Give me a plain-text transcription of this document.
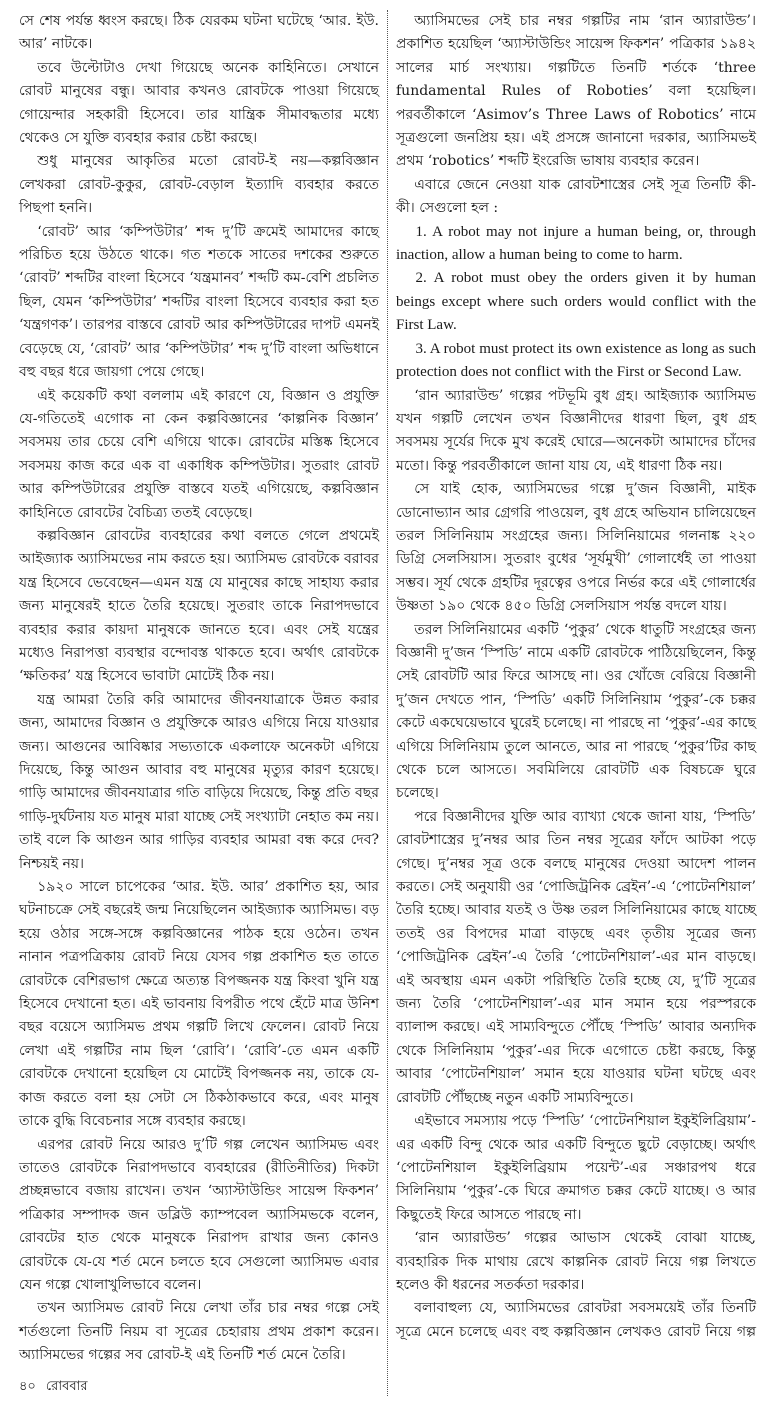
সে শেষ পর্যন্ত ধ্বংস করছে। ঠিক যেরকম ঘটনা ঘটেছে ‘আর. ইউ. আর’ নাটকে।

তবে উল্টোটাও দেখা গিয়েছে অনেক কাহিনিতে। সেখানে রোবট মানুষের বন্ধু। আবার কখনও রোবটকে পাওয়া গিয়েছে গোয়েন্দার সহকারী হিসেবে। তার যান্ত্রিক সীমাবদ্ধতার মধ্যে থেকেও সে যুক্তি ব্যবহার করার চেষ্টা করছে।

শুধু মানুষের আকৃতির মতো রোবট-ই নয়—কল্পবিজ্ঞান লেখকরা রোবট-কুকুর, রোবট-বেড়াল ইত্যাদি ব্যবহার করতে পিছপা হননি।

‘রোবট’ আর ‘কম্পিউটার’ শব্দ দু’টি ক্রমেই আমাদের কাছে পরিচিত হয়ে উঠতে থাকে। গত শতকে সাতের দশকের শুরুতে ‘রোবট’ শব্দটির বাংলা হিসেবে ‘যন্ত্রমানব’ শব্দটি কম-বেশি প্রচলিত ছিল, যেমন ‘কম্পিউটার’ শব্দটির বাংলা হিসেবে ব্যবহার করা হত ‘যন্ত্রগণক’। তারপর বাস্তবে রোবট আর কম্পিউটারের দাপট এমনই বেড়েছে যে, ‘রোবট’ আর ‘কম্পিউটার’ শব্দ দু’টি বাংলা অভিধানে বহু বছর ধরে জায়গা পেয়ে গেছে।

এই কয়েকটি কথা বললাম এই কারণে যে, বিজ্ঞান ও প্রযুক্তি যে-গতিতেই এগোক না কেন কল্পবিজ্ঞানের ‘কাল্পনিক বিজ্ঞান’ সবসময় তার চেয়ে বেশি এগিয়ে থাকে। রোবটের মস্তিষ্ক হিসেবে সবসময় কাজ করে এক বা একাধিক কম্পিউটার। সুতরাং রোবট আর কম্পিউটারের প্রযুক্তি বাস্তবে যতই এগিয়েছে, কল্পবিজ্ঞান কাহিনিতে রোবটের বৈচিত্র্য ততই বেড়েছে।

কল্পবিজ্ঞান রোবটের ব্যবহারের কথা বলতে গেলে প্রথমেই আইজ্যাক অ্যাসিমভের নাম করতে হয়। অ্যাসিমভ রোবটকে বরাবর যন্ত্র হিসেবে ভেবেছেন—এমন যন্ত্র যে মানুষের কাছে সাহায্য করার জন্য মানুষেরই হাতে তৈরি হয়েছে। সুতরাং তাকে নিরাপদভাবে ব্যবহার করার কায়দা মানুষকে জানতে হবে। এবং সেই যন্ত্রের মধ্যেও নিরাপত্তা ব্যবস্থার বন্দোবস্ত থাকতে হবে। অর্থাৎ রোবটকে ‘ক্ষতিকর’ যন্ত্র হিসেবে ভাবাটা মোটেই ঠিক নয়।

যন্ত্র আমরা তৈরি করি আমাদের জীবনযাত্রাকে উন্নত করার জন্য, আমাদের বিজ্ঞান ও প্রযুক্তিকে আরও এগিয়ে নিয়ে যাওয়ার জন্য। আগুনের আবিষ্কার সভ্যতাকে একলাফে অনেকটা এগিয়ে দিয়েছে, কিন্তু আগুন আবার বহু মানুষের মৃত্যুর কারণ হয়েছে। গাড়ি আমাদের জীবনযাত্রার গতি বাড়িয়ে দিয়েছে, কিন্তু প্রতি বছর গাড়ি-দুর্ঘটনায় যত মানুষ মারা যাচ্ছে সেই সংখ্যাটা নেহাত কম নয়। তাই বলে কি আগুন আর গাড়ির ব্যবহার আমরা বন্ধ করে দেব? নিশ্চয়ই নয়।

১৯২০ সালে চাপেকের ‘আর. ইউ. আর’ প্রকাশিত হয়, আর ঘটনাচক্রে সেই বছরেই জন্ম নিয়েছিলেন আইজ্যাক অ্যাসিমভ। বড় হয়ে ওঠার সঙ্গে-সঙ্গে কল্পবিজ্ঞানের পাঠক হয়ে ওঠেন। তখন নানান পত্রপত্রিকায় রোবট নিয়ে যেসব গল্প প্রকাশিত হত তাতে রোবটকে বেশিরভাগ ক্ষেত্রে অত্যন্ত বিপজ্জনক যন্ত্র কিংবা খুনি যন্ত্র হিসেবে দেখানো হত। এই ভাবনায় বিপরীত পথে হেঁটে মাত্র উনিশ বছর বয়েসে অ্যাসিমভ প্রথম গল্পটি লিখে ফেলেন। রোবট নিয়ে লেখা এই গল্পটির নাম ছিল ‘রোবি’। ‘রোবি’-তে এমন একটি রোবটকে দেখানো হয়েছিল যে মোটেই বিপজ্জনক নয়, তাকে যে-কাজ করতে বলা হয় সেটা সে ঠিকঠাকভাবে করে, এবং মানুষ তাকে বুদ্ধি বিবেচনার সঙ্গে ব্যবহার করছে।

এরপর রোবট নিয়ে আরও দু’টি গল্প লেখেন অ্যাসিমভ এবং তাতেও রোবটকে নিরাপদভাবে ব্যবহারের (রীতিনীতির) দিকটা প্রচ্ছন্নভাবে বজায় রাখেন। তখন ‘অ্যাস্টাউন্ডিং সায়েন্স ফিকশন’ পত্রিকার সম্পাদক জন ডব্লিউ ক্যাম্পবেল অ্যাসিমভকে বলেন, রোবটের হাত থেকে মানুষকে নিরাপদ রাখার জন্য কোনও রোবটকে যে-যে শর্ত মেনে চলতে হবে সেগুলো অ্যাসিমভ এবার যেন গল্পে খোলাখুলিভাবে বলেন।

তখন অ্যাসিমভ রোবট নিয়ে লেখা তাঁর চার নম্বর গল্পে সেই শর্তগুলো তিনটি নিয়ম বা সূত্রের চেহারায় প্রথম প্রকাশ করেন। অ্যাসিমভের গল্পের সব রোবট-ই এই তিনটি শর্ত মেনে তৈরি।

৪০ রোববার

অ্যাসিমভের সেই চার নম্বর গল্পটির নাম ‘রান অ্যারাউন্ড’। প্রকাশিত হয়েছিল ‘অ্যাস্টাউন্ডিং সায়েন্স ফিকশন’ পত্রিকার ১৯৪২ সালের মার্চ সংখ্যায়। গল্পটিতে তিনটি শর্তকে ‘three fundamental Rules of Roboties’ বলা হয়েছিল। পরবর্তীকালে ‘Asimov’s Three Laws of Robotics’ নামে সূত্রগুলো জনপ্রিয় হয়। এই প্রসঙ্গে জানানো দরকার, অ্যাসিমভই প্রথম ‘robotics’ শব্দটি ইংরেজি ভাষায় ব্যবহার করেন।

এবারে জেনে নেওয়া যাক রোবটশাস্ত্রের সেই সূত্র তিনটি কী-কী। সেগুলো হল :

1. A robot may not injure a human being, or, through inaction, allow a human being to come to harm.

2. A robot must obey the orders given it by human beings except where such orders would conflict with the First Law.

3. A robot must protect its own existence as long as such protection does not conflict with the First or Second Law.

‘রান অ্যারাউন্ড’ গল্পের পটভূমি বুধ গ্রহ। আইজ্যাক অ্যাসিমভ যখন গল্পটি লেখেন তখন বিজ্ঞানীদের ধারণা ছিল, বুধ গ্রহ সবসময় সূর্যের দিকে মুখ করেই ঘোরে—অনেকটা আমাদের চাঁদের মতো। কিন্তু পরবর্তীকালে জানা যায় যে, এই ধারণা ঠিক নয়।

সে যাই হোক, অ্যাসিমভের গল্পে দু’জন বিজ্ঞানী, মাইক ডোনোভ্যান আর গ্রেগরি পাওয়েল, বুধ গ্রহে অভিযান চালিয়েছেন তরল সিলিনিয়াম সংগ্রহের জন্য। সিলিনিয়ামের গলনাঙ্ক ২২০ ডিগ্রি সেলসিয়াস। সুতরাং বুধের ‘সূর্যমুখী’ গোলার্ধেই তা পাওয়া সম্ভব। সূর্য থেকে গ্রহটির দূরত্বের ওপরে নির্ভর করে এই গোলার্ধের উষ্ণতা ১৯০ থেকে ৪৫০ ডিগ্রি সেলসিয়াস পর্যন্ত বদলে যায়।

তরল সিলিনিয়ামের একটি ‘পুকুর’ থেকে ধাতুটি সংগ্রহের জন্য বিজ্ঞানী দু’জন ‘স্পিডি’ নামে একটি রোবটকে পাঠিয়েছিলেন, কিন্তু সেই রোবটটি আর ফিরে আসছে না। ওর খোঁজে বেরিয়ে বিজ্ঞানী দু’জন দেখতে পান, ‘স্পিডি’ একটি সিলিনিয়াম ‘পুকুর’-কে চক্কর কেটে একঘেয়েভাবে ঘুরেই চলেছে। না পারছে না ‘পুকুর’-এর কাছে এগিয়ে সিলিনিয়াম তুলে আনতে, আর না পারছে ‘পুকুর’টির কাছ থেকে চলে আসতে। সবমিলিয়ে রোবটটি এক বিষচক্রে ঘুরে চলেছে।

পরে বিজ্ঞানীদের যুক্তি আর ব্যাখ্যা থেকে জানা যায়, ‘স্পিডি’ রোবটশাস্ত্রের দু’নম্বর আর তিন নম্বর সূত্রের ফাঁদে আটকা পড়ে গেছে। দু’নম্বর সূত্র ওকে বলছে মানুষের দেওয়া আদেশ পালন করতে। সেই অনুযায়ী ওর ‘পোজিট্রনিক ব্রেইন’-এ ‘পোটেনশিয়াল’ তৈরি হচ্ছে। আবার যতই ও উষ্ণ তরল সিলিনিয়ামের কাছে যাচ্ছে ততই ওর বিপদের মাত্রা বাড়ছে এবং তৃতীয় সূত্রের জন্য ‘পোজিট্রনিক ব্রেইন’-এ তৈরি ‘পোটেনশিয়াল’-এর মান বাড়ছে। এই অবস্থায় এমন একটা পরিস্থিতি তৈরি হচ্ছে যে, দু’টি সূত্রের জন্য তৈরি ‘পোটেনশিয়াল’-এর মান সমান হয়ে পরস্পরকে ব্যালান্স করছে। এই সাম্যবিন্দুতে পৌঁছে ‘স্পিডি’ আবার অন্যদিক থেকে সিলিনিয়াম ‘পুকুর’-এর দিকে এগোতে চেষ্টা করছে, কিন্তু আবার ‘পোটেনশিয়াল’ সমান হয়ে যাওয়ার ঘটনা ঘটছে এবং রোবটটি পৌঁছচ্ছে নতুন একটি সাম্যবিন্দুতে।

এইভাবে সমস্যায় পড়ে ‘স্পিডি’ ‘পোটেনশিয়াল ইকুইলিব্রিয়াম’-এর একটি বিন্দু থেকে আর একটি বিন্দুতে ছুটে বেড়াচ্ছে। অর্থাৎ ‘পোটেনশিয়াল ইকুইলিব্রিয়াম পয়েন্ট’-এর সঞ্চারপথ ধরে সিলিনিয়াম ‘পুকুর’-কে ঘিরে ক্রমাগত চক্কর কেটে যাচ্ছে। ও আর কিছুতেই ফিরে আসতে পারছে না।

‘রান অ্যারাউন্ড’ গল্পের আভাস থেকেই বোঝা যাচ্ছে, ব্যবহারিক দিক মাথায় রেখে কাল্পনিক রোবট নিয়ে গল্প লিখতে হলেও কী ধরনের সতর্কতা দরকার।

বলাবাহুল্য যে, অ্যাসিমভের রোবটরা সবসময়েই তাঁর তিনটি সূত্রে মেনে চলেছে এবং বহু কল্পবিজ্ঞান লেখকও রোবট নিয়ে গল্প
